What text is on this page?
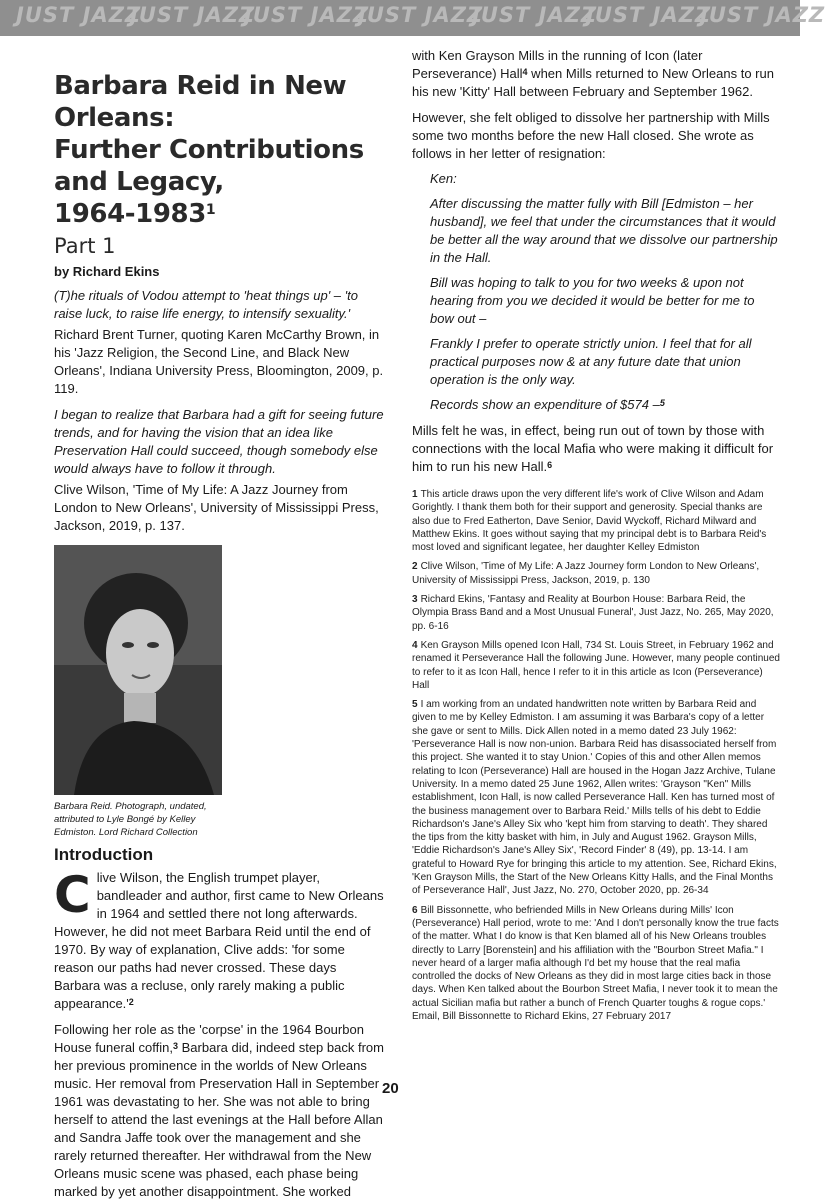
JUST JAZZ
JUST JAZZ
JUST JAZZ
JUST JAZZ
JUST JAZZ
JUST JAZZ
JUST JAZZ
Barbara Reid in New Orleans:
Further Contributions and Legacy,
1964-1983$^1$
Part 1
by Richard Ekins

(T)he rituals of Vodou attempt to 'heat things up' – 'to raise luck, to raise life energy, to intensify sexuality.'

Richard Brent Turner, quoting Karen McCarthy Brown, in his 'Jazz Religion, the Second Line, and Black New Orleans', Indiana University Press, Bloomington, 2009, p. 119.

I began to realize that Barbara had a gift for seeing future trends, and for having the vision that an idea like Preservation Hall could succeed, though somebody else would always have to follow it through.

Clive Wilson, 'Time of My Life: A Jazz Journey from London to New Orleans', University of Mississippi Press, Jackson, 2019, p. 137.

Barbara Reid. Photograph, undated, attributed to Lyle Bongé by Kelley Edmiston. Lord Richard Collection

Introduction

Clive Wilson, the English trumpet player, bandleader and author, first came to New Orleans in 1964 and settled there not long afterwards. However, he did not meet Barbara Reid until the end of 1970. By way of explanation, Clive adds: 'for some reason our paths had never crossed. These days Barbara was a recluse, only rarely making a public $appearance.'^2$

Following her role as the 'corpse' in the 1964 Bourbon House funeral coffin,$^3$ Barbara did, indeed step back from her previous prominence in the worlds of New Orleans music. Her removal from Preservation Hall in September 1961 was devastating to her. She was not able to bring herself to attend the last evenings at the Hall before Allan and Sandra Jaffe took over the management and she rarely returned thereafter. Her withdrawal from the New Orleans music scene was phased, each phase being marked by yet another disappointment. She worked

with Ken Grayson Mills in the running of Icon (later Perseverance) Hall$^4$ when Mills returned to New Orleans to run his new 'Kitty' Hall between February and September 1962.

However, she felt obliged to dissolve her partnership with Mills some two months before the new Hall closed. She wrote as follows in her letter of resignation:

Ken:

After discussing the matter fully with Bill [Edmiston – her husband], we feel that under the circumstances that it would be better all the way around that we dissolve our partnership in the Hall.

Bill was hoping to talk to you for two weeks & upon not hearing from you we decided it would be better for me to bow out –

Frankly I prefer to operate strictly union. I feel that for all practical purposes now & at any future date that union operation is the only way.

Records show an expenditure of $574 –$^5$

Mills felt he was, in effect, being run out of town by those with connections with the local Mafia who were making it difficult for him to run his new Hall.$^6$

1 This article draws upon the very different life's work of Clive Wilson and Adam Gorightly. I thank them both for their support and generosity. Special thanks are also due to Fred Eatherton, Dave Senior, David Wyckoff, Richard Milward and Matthew Ekins. It goes without saying that my principal debt is to Barbara Reid's most loved and significant legatee, her daughter Kelley Edmiston

2 Clive Wilson, 'Time of My Life: A Jazz Journey form London to New Orleans', University of Mississippi Press, Jackson, 2019, p. 130

3 Richard Ekins, 'Fantasy and Reality at Bourbon House: Barbara Reid, the Olympia Brass Band and a Most Unusual Funeral', Just Jazz, No. 265, May 2020, pp. 6-16

4 Ken Grayson Mills opened Icon Hall, 734 St. Louis Street, in February 1962 and renamed it Perseverance Hall the following June. However, many people continued to refer to it as Icon Hall, hence I refer to it in this article as Icon (Perseverance) Hall

5 I am working from an undated handwritten note written by Barbara Reid and given to me by Kelley Edmiston. I am assuming it was Barbara's copy of a letter she gave or sent to Mills. Dick Allen noted in a memo dated 23 July 1962: 'Perseverance Hall is now non-union. Barbara Reid has disassociated herself from this project. She wanted it to stay Union.' Copies of this and other Allen memos relating to Icon (Perseverance) Hall are housed in the Hogan Jazz Archive, Tulane University. In a memo dated 25 June 1962, Allen writes: 'Grayson "Ken" Mills establishment, Icon Hall, is now called Perseverance Hall. Ken has turned most of the business management over to Barbara Reid.' Mills tells of his debt to Eddie Richardson's Jane's Alley Six who 'kept him from starving to death'. They shared the tips from the kitty basket with him, in July and August 1962. Grayson Mills, 'Eddie Richardson's Jane's Alley Six', 'Record Finder' 8 (49), pp. 13-14. I am grateful to Howard Rye for bringing this article to my attention. See, Richard Ekins, 'Ken Grayson Mills, the Start of the New Orleans Kitty Halls, and the Final Months of Perseverance Hall', Just Jazz, No. 270, October 2020, pp. 26-34

6 Bill Bissonnette, who befriended Mills in New Orleans during Mills' Icon (Perseverance) Hall period, wrote to me: 'And I don't personally know the true facts of the matter. What I do know is that Ken blamed all of his New Orleans troubles directly to Larry [Borenstein] and his affiliation with the "Bourbon Street Mafia." I never heard of a larger mafia although I'd bet my house that the real mafia controlled the docks of New Orleans as they did in most large cities back in those days. When Ken talked about the Bourbon Street Mafia, I never took it to mean the actual Sicilian mafia but rather a bunch of French Quarter toughs & rogue cops.' Email, Bill Bissonnette to Richard Ekins, 27 February 2017

20
